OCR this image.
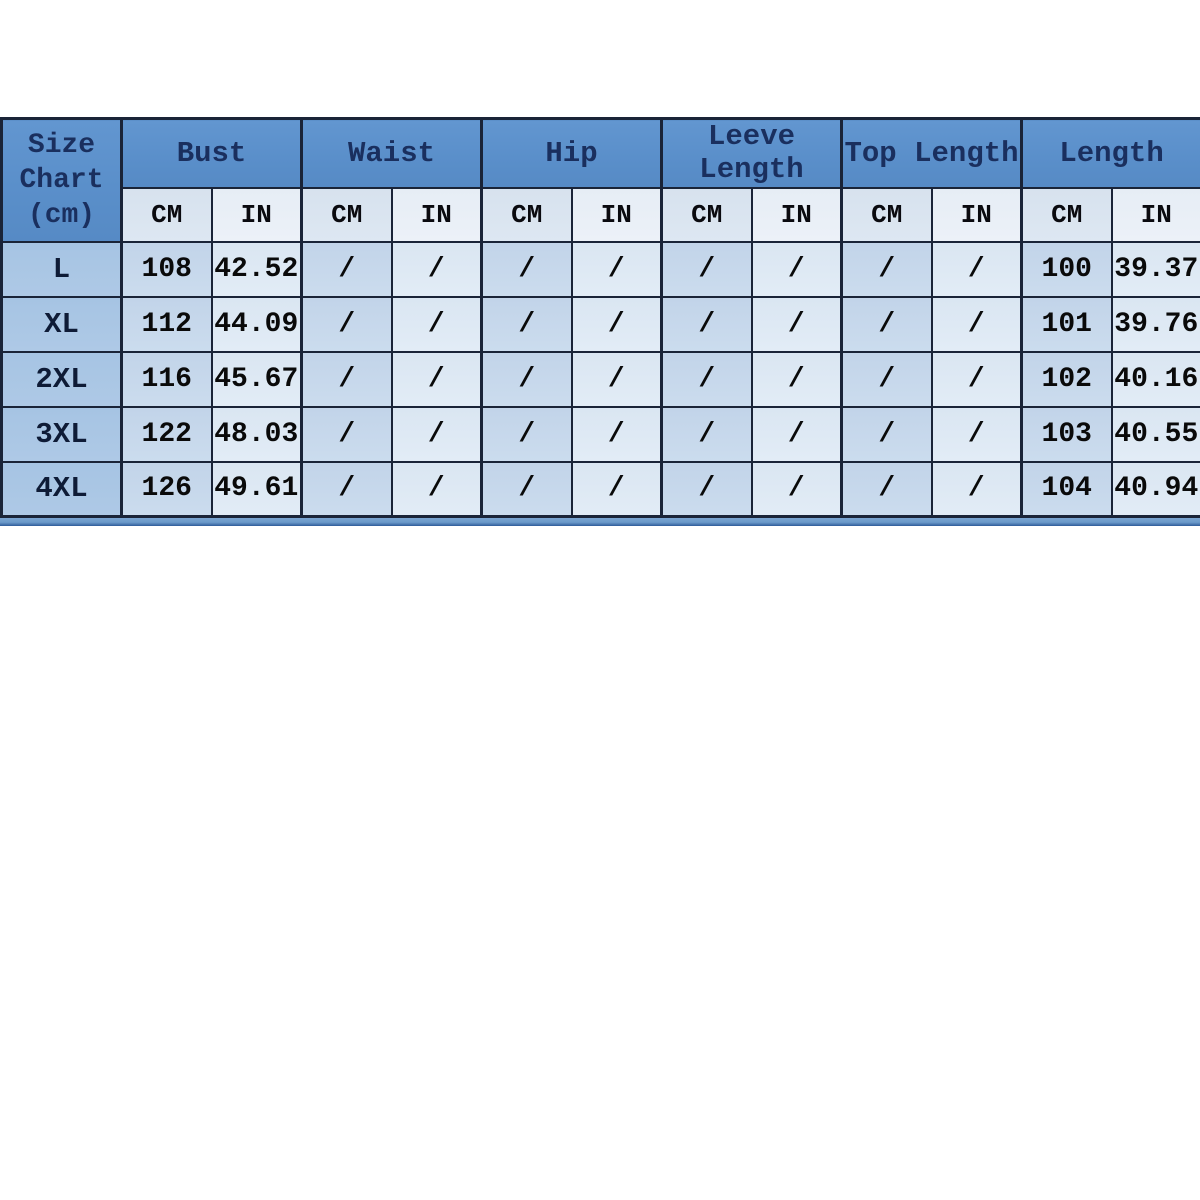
Size
Chart
(cm)	Bust		Waist		Hip		Leeve Length		Top Length		Length	
	CM	IN	CM	IN	CM	IN	CM	IN	CM	IN	CM	IN
L	108	42.52	/	/	/	/	/	/	/	/	100	39.37
XL	112	44.09	/	/	/	/	/	/	/	/	101	39.76
2XL	116	45.67	/	/	/	/	/	/	/	/	102	40.16
3XL	122	48.03	/	/	/	/	/	/	/	/	103	40.55
4XL	126	49.61	/	/	/	/	/	/	/	/	104	40.94
